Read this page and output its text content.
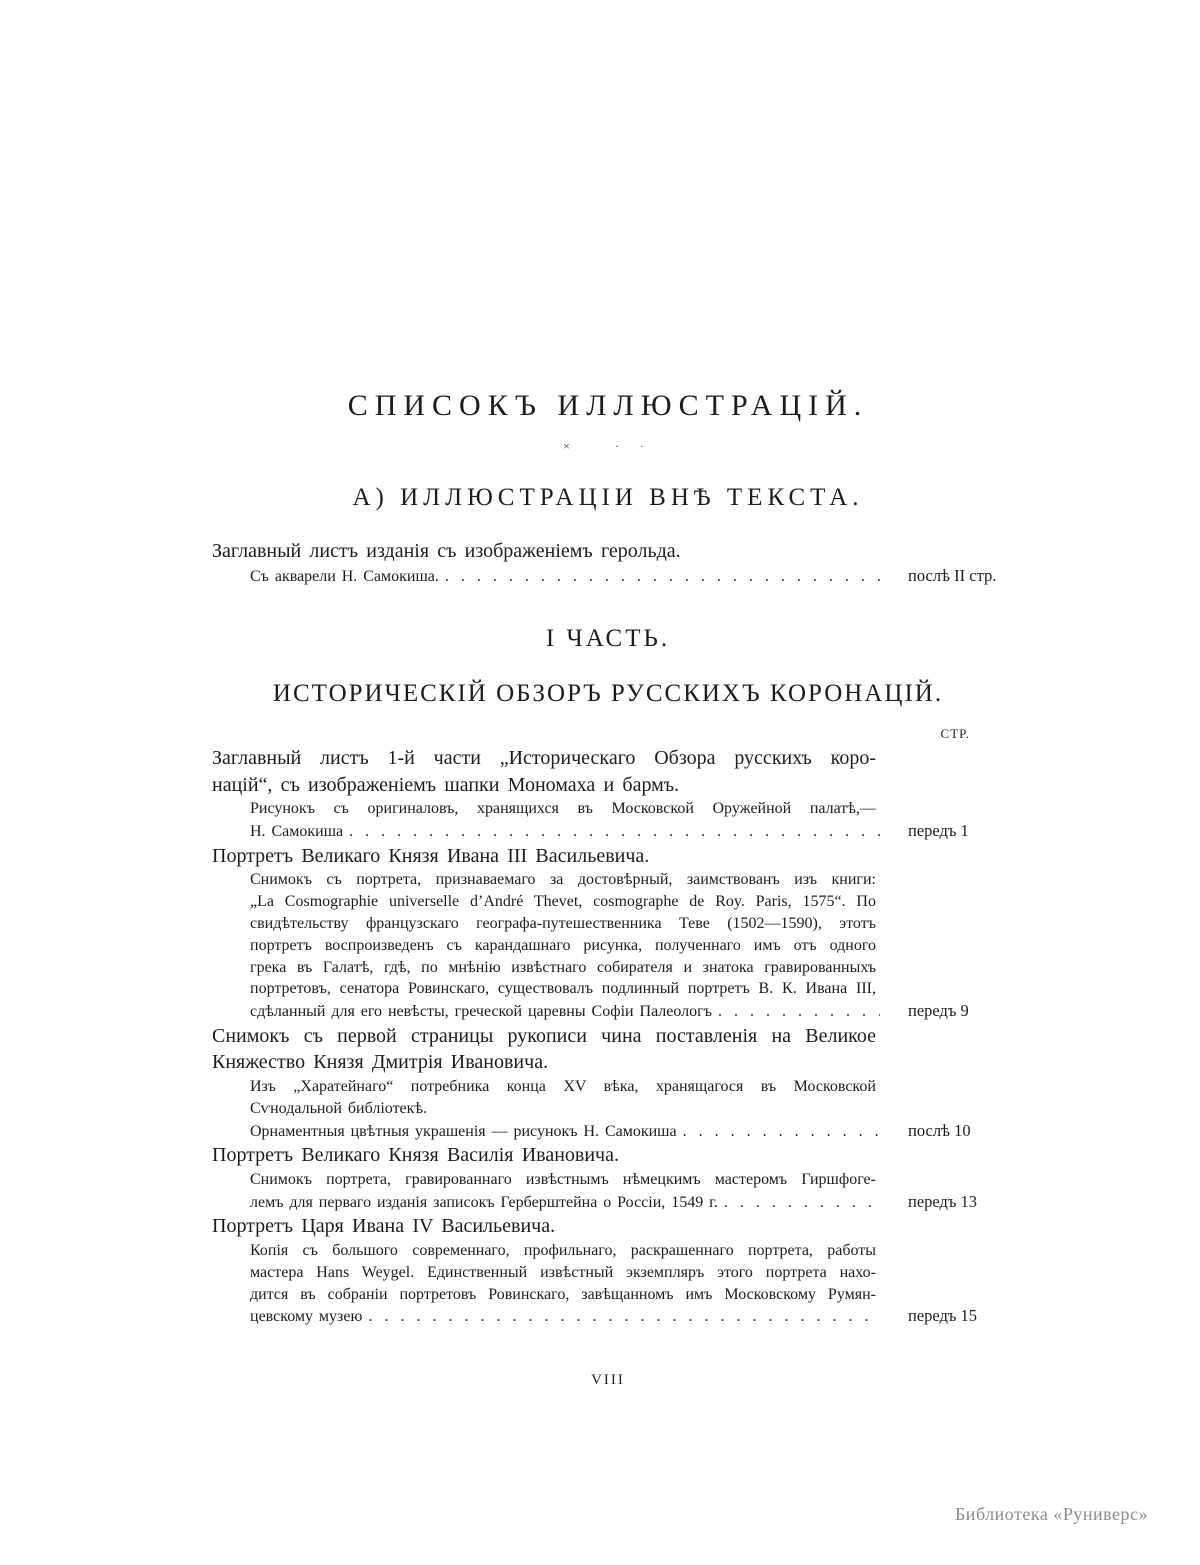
СПИСОКЪ ИЛЛЮСТРАЦІЙ.
×   · ·
А) ИЛЛЮСТРАЦІИ ВНѢ ТЕКСТА.
Заглавный листъ изданія съ изображеніемъ герольда.
Съ акварели Н. Самокиша. . .	послѣ II стр.
І ЧАСТЬ.
ИСТОРИЧЕСКІЙ ОБЗОРЪ РУССКИХЪ КОРОНАЦІЙ.
СТР.
Заглавный листъ 1-й части „Историческаго Обзора русскихъ коро-
націй“, съ изображеніемъ шапки Мономаха и бармъ.
Рисунокъ съ оригиналовъ, хранящихся въ Московской Оружейной палатѣ,—
Н. Самокиша . .	передъ 1
Портретъ Великаго Князя Ивана III Васильевича.
Снимокъ съ портрета, признаваемаго за достовѣрный, заимствованъ изъ книги:
„La Cosmographie universelle d’André Thevet, cosmographe de Roy. Paris, 1575“. По
свидѣтельству французскаго географа-путешественника Теве (1502—1590), этотъ
портретъ воспроизведенъ съ карандашнаго рисунка, полученнаго имъ отъ одного
грека въ Галатѣ, гдѣ, по мнѣнію извѣстнаго собирателя и знатока гравированныхъ
портретовъ, сенатора Ровинскаго, существовалъ подлинный портретъ В. К. Ивана III,
сдѣланный для его невѣсты, греческой царевны Софіи Палеологъ . .	передъ 9
Снимокъ съ первой страницы рукописи чина поставленія на Великое
Княжество Князя Дмитрія Ивановича.
Изъ „Харатейнаго“ потребника конца XV вѣка, хранящагося въ Московской
Сѵнодальной библіотекѣ.
Орнаментныя цвѣтныя украшенія — рисунокъ Н. Самокиша . .	послѣ 10
Портретъ Великаго Князя Василія Ивановича.
Снимокъ портрета, гравированнаго извѣстнымъ нѣмецкимъ мастеромъ Гиршфоге-
лемъ для перваго изданія записокъ Герберштейна о Россіи, 1549 г. . .	передъ 13
Портретъ Царя Ивана IV Васильевича.
Копія съ большого современнаго, профильнаго, раскрашеннаго портрета, работы
мастера Hans Weygel. Единственный извѣстный экземпляръ этого портрета нахо-
дится въ собраніи портретовъ Ровинскаго, завѣщанномъ имъ Московскому Румян-
цевскому музею . .	передъ 15
VIII
Библиотека «Руниверс»
